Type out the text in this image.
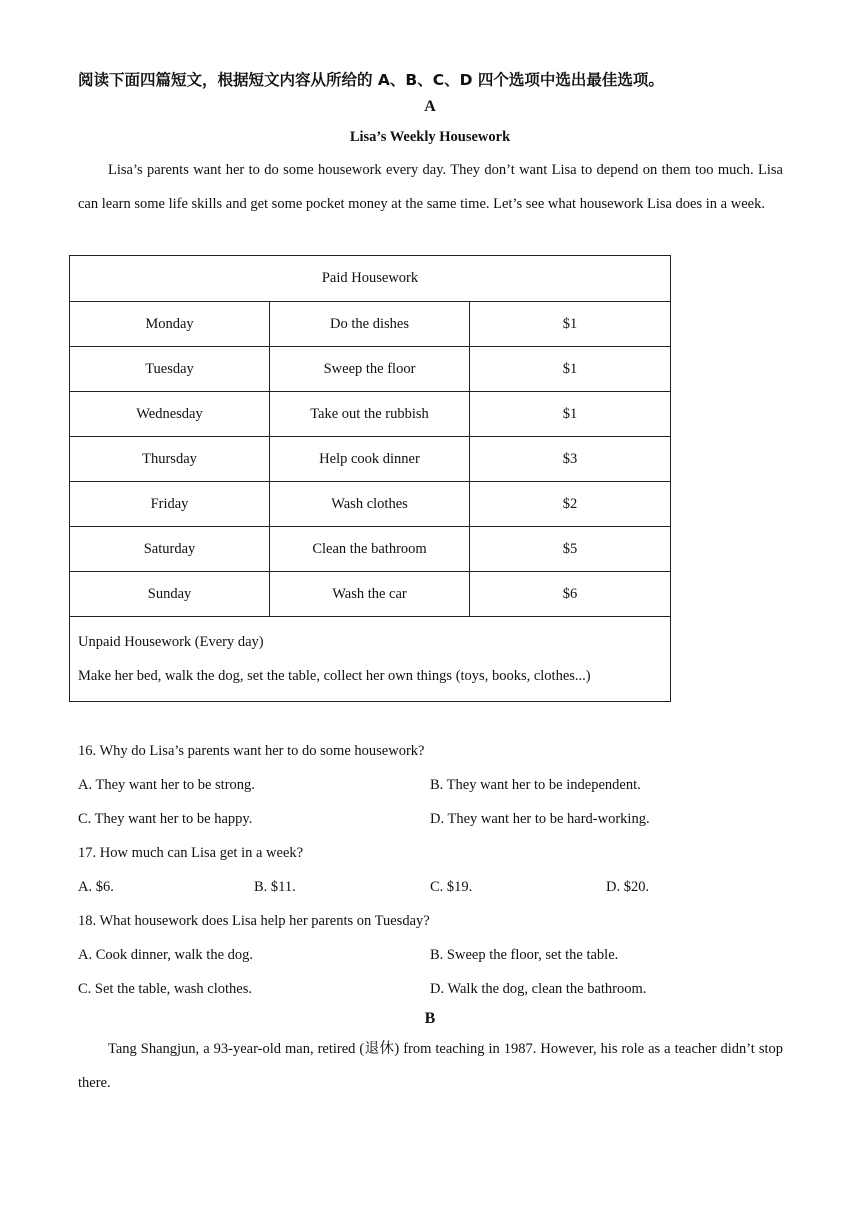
阅读下面四篇短文，根据短文内容从所给的 A、B、C、D 四个选项中选出最佳选项。
A
Lisa’s Weekly Housework
Lisa’s parents want her to do some housework every day. They don’t want Lisa to depend on them too much. Lisa can learn some life skills and get some pocket money at the same time. Let’s see what housework Lisa does in a week.
Paid Housework		
Monday	Do the dishes	$1
Tuesday	Sweep the floor	$1
Wednesday	Take out the rubbish	$1
Thursday	Help cook dinner	$3
Friday	Wash clothes	$2
Saturday	Clean the bathroom	$5
Sunday	Wash the car	$6

Unpaid Housework (Every day)
Make her bed, walk the dog, set the table, collect her own things (toys, books, clothes...)		
16. Why do Lisa’s parents want her to do some housework?
A. They want her to be strong.	B. They want her to be independent.
C. They want her to be happy.	D. They want her to be hard-working.
17. How much can Lisa get in a week?
A. $6.	B. $11.	C. $19.	D. $20.
18. What housework does Lisa help her parents on Tuesday?
A. Cook dinner, walk the dog.	B. Sweep the floor, set the table.
C. Set the table, wash clothes.	D. Walk the dog, clean the bathroom.
B
Tang Shangjun, a 93-year-old man, retired (退休) from teaching in 1987. However, his role as a teacher didn’t stop there.
